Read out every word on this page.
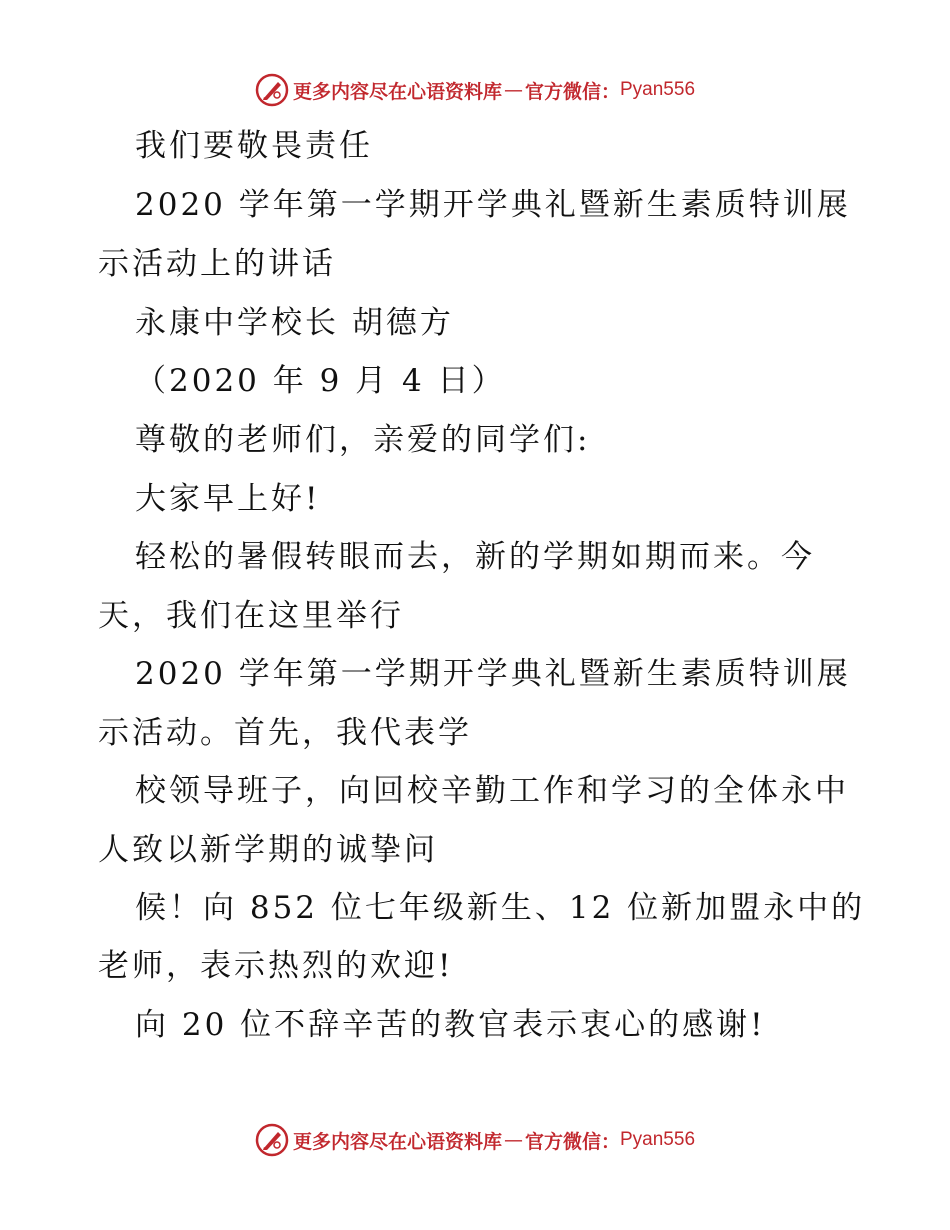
更多内容尽在心语资料库 — 官方微信： Pyan556
我们要敬畏责任
2020 学年第一学期开学典礼暨新生素质特训展
示活动上的讲话
永康中学校长 胡德方
（2020 年 9 月 4 日）
尊敬的老师们，亲爱的同学们:
大家早上好!
轻松的暑假转眼而去，新的学期如期而来。今
天，我们在这里举行
2020 学年第一学期开学典礼暨新生素质特训展
示活动。首先，我代表学
校领导班子，向回校辛勤工作和学习的全体永中
人致以新学期的诚挚问
候！向 852 位七年级新生、12 位新加盟永中的
老师，表示热烈的欢迎!
向 20 位不辞辛苦的教官表示衷心的感谢!
更多内容尽在心语资料库 — 官方微信： Pyan556
